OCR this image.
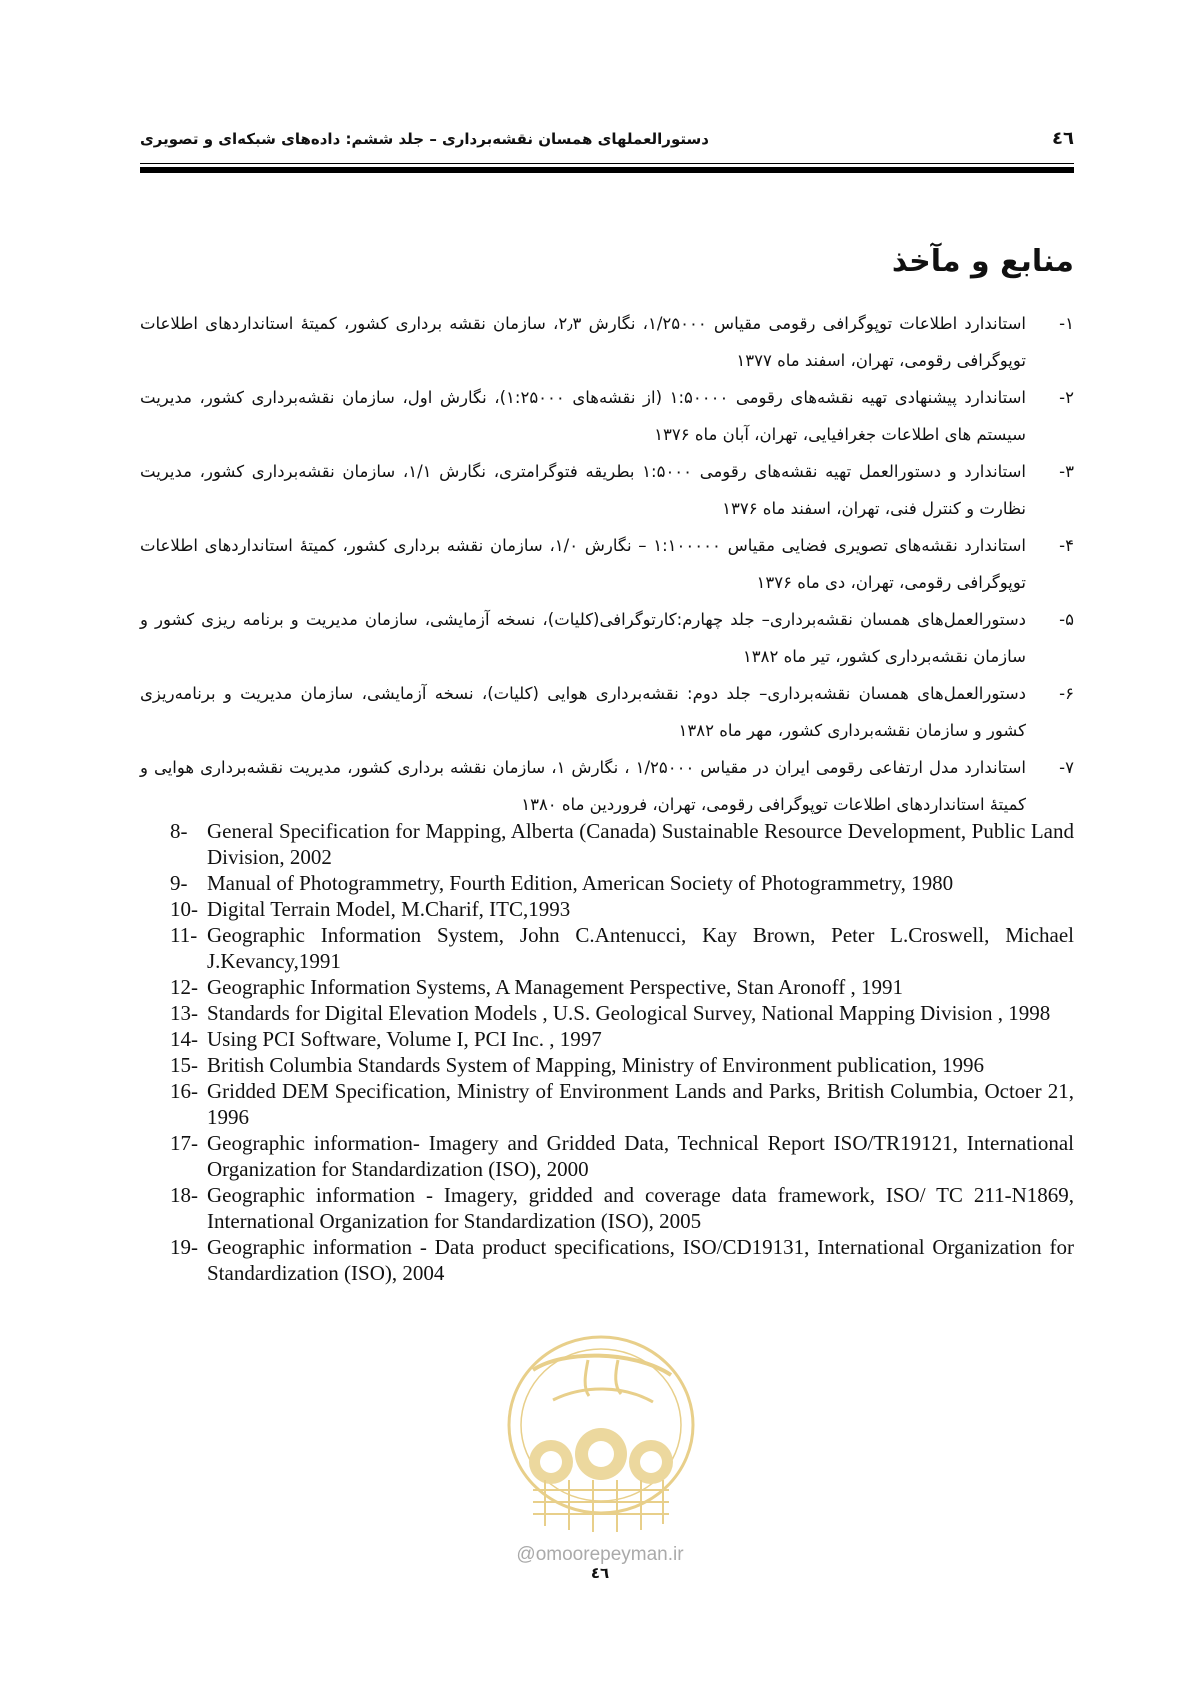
٤٦
دستورالعملهای همسان نقشه‌برداری – جلد ششم: داده‌های شبکه‌ای و تصویری
منابع و مآخذ
١-
استاندارد اطلاعات توپوگرافی رقومی مقیاس ۱/۲۵۰۰۰، نگارش ۲٫۳، سازمان نقشه برداری کشور، کمیتهٔ استانداردهای اطلاعات توپوگرافی رقومی، تهران، اسفند ماه ۱۳۷۷
۲-
استاندارد پیشنهادی تهیه نقشه‌های رقومی ۱:۵۰۰۰۰ (از نقشه‌های ۱:۲۵۰۰۰)، نگارش اول، سازمان نقشه‌برداری کشور، مدیریت سیستم های اطلاعات جغرافیایی، تهران، آبان ماه ۱۳۷۶
۳-
استاندارد و دستورالعمل تهیه نقشه‌های رقومی ۱:۵۰۰۰ بطریقه فتوگرامتری، نگارش ۱/۱، سازمان نقشه‌برداری کشور، مدیریت نظارت و کنترل فنی، تهران، اسفند ماه ۱۳۷۶
۴-
استاندارد نقشه‌های تصویری فضایی مقیاس ۱:۱۰۰۰۰۰ – نگارش ۱/۰، سازمان نقشه برداری کشور، کمیتهٔ استانداردهای اطلاعات توپوگرافی رقومی، تهران، دی ماه ۱۳۷۶
۵-
دستورالعمل‌های همسان نقشه‌برداری– جلد چهارم:کارتوگرافی(کلیات)، نسخه آزمایشی، سازمان مدیریت و برنامه ریزی کشور و سازمان نقشه‌برداری کشور، تیر ماه ۱۳۸۲
۶-
دستورالعمل‌های همسان نقشه‌برداری– جلد دوم: نقشه‌برداری هوایی (کلیات)، نسخه آزمایشی، سازمان مدیریت و برنامه‌ریزی کشور و سازمان نقشه‌برداری کشور، مهر ماه ۱۳۸۲
۷-
استاندارد مدل ارتفاعی رقومی ایران در مقیاس ۱/۲۵۰۰۰ ، نگارش ۱، سازمان نقشه برداری کشور، مدیریت نقشه‌برداری هوایی و کمیتهٔ استانداردهای اطلاعات توپوگرافی رقومی، تهران، فروردین ماه ۱۳۸۰
8- General Specification for Mapping, Alberta (Canada) Sustainable Resource Development, Public Land Division, 2002
9- Manual of Photogrammetry, Fourth Edition, American Society of Photogrammetry, 1980
10- Digital Terrain Model, M.Charif, ITC,1993
11- Geographic Information System, John C.Antenucci, Kay Brown, Peter L.Croswell, Michael J.Kevancy,1991
12- Geographic Information Systems, A Management Perspective, Stan Aronoff , 1991
13- Standards for Digital Elevation Models , U.S. Geological Survey, National Mapping Division , 1998
14- Using PCI Software, Volume I, PCI Inc. , 1997
15- British Columbia Standards System of Mapping, Ministry of Environment publication, 1996
16- Gridded DEM Specification, Ministry of Environment Lands and Parks, British Columbia, Octoer 21, 1996
17- Geographic information- Imagery and Gridded Data, Technical Report ISO/TR19121, International Organization for Standardization (ISO), 2000
18- Geographic information - Imagery, gridded and coverage data framework, ISO/ TC 211-N1869, International Organization for Standardization (ISO), 2005
19- Geographic information - Data product specifications, ISO/CD19131, International Organization for Standardization (ISO), 2004
@omoorepeyman.ir
٤٦
